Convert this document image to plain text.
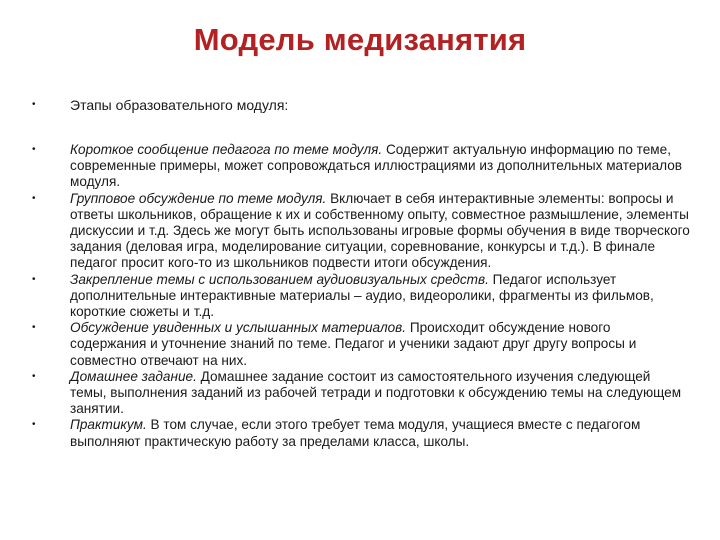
Модель медизанятия
•	Этапы образовательного модуля:
•	Короткое сообщение педагога по теме модуля. Содержит актуальную информацию по теме, современные примеры, может сопровождаться иллюстрациями из дополнительных материалов модуля.
•	Групповое обсуждение по теме модуля. Включает в себя интерактивные элементы: вопросы и ответы школьников, обращение к их и собственному опыту, совместное размышление, элементы дискуссии и т.д. Здесь же могут быть использованы игровые формы обучения в виде творческого задания (деловая игра, моделирование ситуации, соревнование, конкурсы и т.д.). В финале педагог просит кого-то из школьников подвести итоги обсуждения.
•	Закрепление темы с использованием аудиовизуальных средств. Педагог использует дополнительные интерактивные материалы – аудио, видеоролики, фрагменты из фильмов, короткие сюжеты и т.д.
•	Обсуждение увиденных и услышанных материалов. Происходит обсуждение нового содержания и уточнение знаний по теме. Педагог и ученики задают друг другу вопросы и совместно отвечают на них.
•	Домашнее задание. Домашнее задание состоит из самостоятельного изучения следующей темы, выполнения заданий из рабочей тетради и подготовки к обсуждению темы на следующем занятии.
•	Практикум. В том случае, если этого требует тема модуля, учащиеся вместе с педагогом выполняют практическую работу за пределами класса, школы.
